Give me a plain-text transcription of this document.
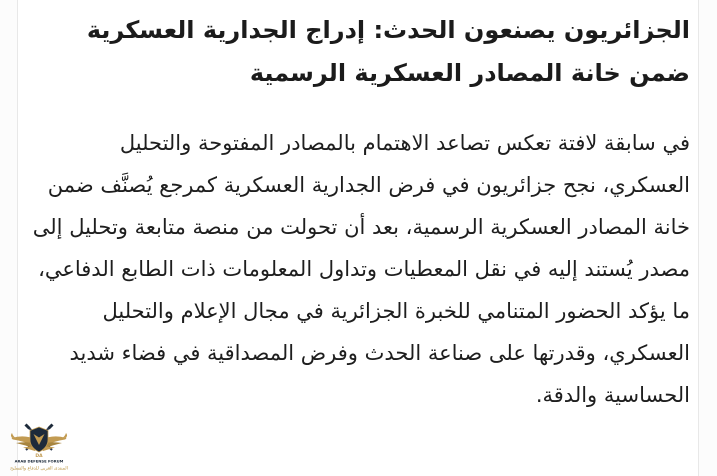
الجزائريون يصنعون الحدث: إدراج الجدارية العسكرية ضمن خانة المصادر العسكرية الرسمية

في سابقة لافتة تعكس تصاعد الاهتمام بالمصادر المفتوحة والتحليل العسكري، نجح جزائريون في فرض الجدارية العسكرية كمرجع يُصنَّف ضمن خانة المصادر العسكرية الرسمية، بعد أن تحولت من منصة متابعة وتحليل إلى مصدر يُستند إليه في نقل المعطيات وتداول المعلومات ذات الطابع الدفاعي، ما يؤكد الحضور المتنامي للخبرة الجزائرية في مجال الإعلام والتحليل العسكري، وقدرتها على صناعة الحدث وفرض المصداقية في فضاء شديد الحساسية والدقة.

DA
ARAB DEFENSE FORUM
المنتدى العربي للدفاع والتسليح
